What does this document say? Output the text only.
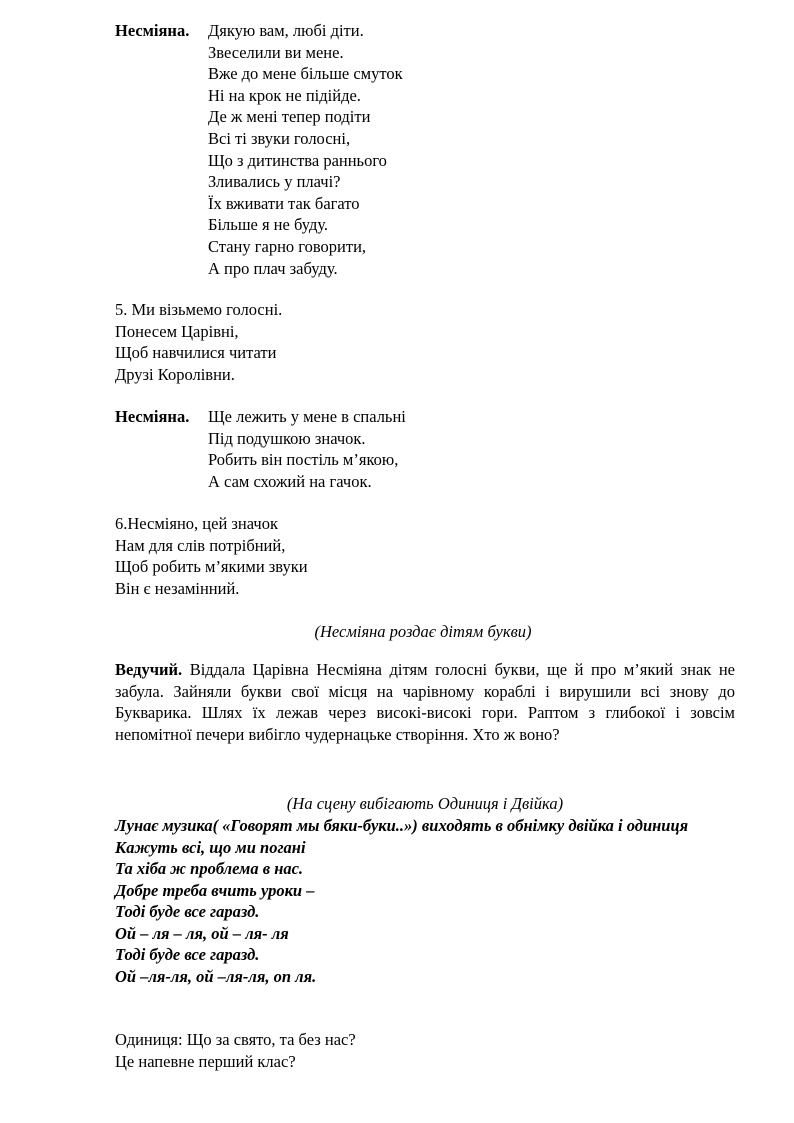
Несміяна. Дякую вам, любі діти.
Звеселили ви мене.
Вже до мене більше смуток
Ні на крок не підійде.
Де ж мені тепер подіти
Всі ті звуки голосні,
Що з дитинства раннього
Зливались у плачі?
Їх вживати так багато
Більше я не буду.
Стану гарно говорити,
А про плач забуду.
5. Ми візьмемо голосні.
Понесем Царівні,
Щоб навчилися читати
Друзі Королівни.
Несміяна. Ще лежить у мене в спальні
Під подушкою значок.
Робить він постіль м’якою,
А сам схожий на гачок.
6.Несміяно, цей значок
Нам для слів потрібний,
Щоб робить м’якими звуки
Він є незамінний.
(Несміяна роздає дітям букви)
Ведучий. Віддала Царівна Несміяна дітям голосні букви, ще й про м’який знак не забула. Зайняли букви свої місця на чарівному кораблі і вирушили всі знову до Букварика. Шлях їх лежав через високі-високі гори. Раптом з глибокої і зовсім непомітної печери вибігло чудернацьке створіння. Хто ж воно?
(На сцену вибігають Одиниця і Двійка)
Лунає музика( «Говорят мы бяки-буки..») виходять в обнімку двійка і одиниця
Кажуть всі, що ми погані
Та хіба ж проблема в нас.
Добре треба вчить уроки –
Тоді буде все гаразд.
Ой – ля – ля, ой – ля- ля
Тоді буде все гаразд.
Ой –ля-ля, ой –ля-ля, оп ля.
Одиниця: Що за свято, та без нас?
Це напевне перший клас?
